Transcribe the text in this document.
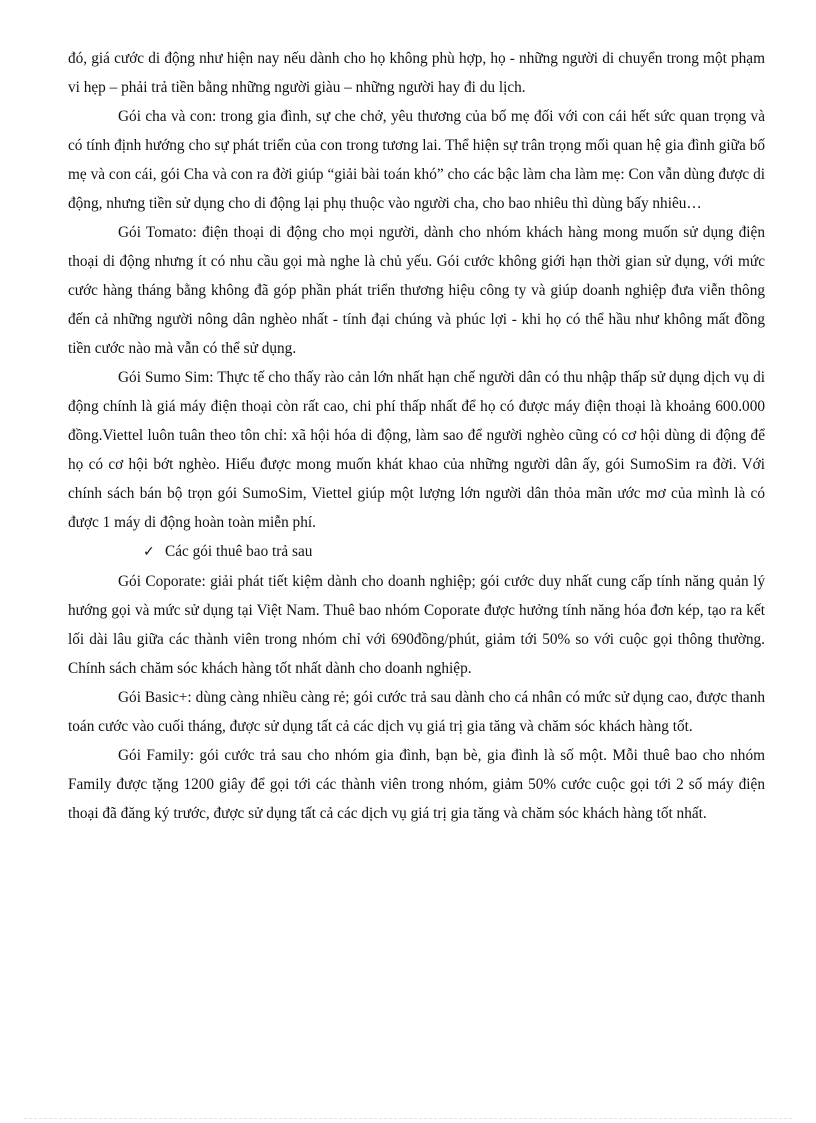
đó, giá cước di động như hiện nay nếu dành cho họ không phù hợp, họ - những người di chuyển trong một phạm vi hẹp – phải trả tiền bằng những người giàu – những người hay đi du lịch.

Gói cha và con: trong gia đình, sự che chở, yêu thương của bố mẹ đối với con cái hết sức quan trọng và có tính định hướng cho sự phát triển của con trong tương lai. Thể hiện sự trân trọng mối quan hệ gia đình giữa bố mẹ và con cái, gói Cha và con ra đời giúp “giải bài toán khó” cho các bậc làm cha làm mẹ: Con vẫn dùng được di động, nhưng tiền sử dụng cho di động lại phụ thuộc vào người cha, cho bao nhiêu thì dùng bấy nhiêu…

Gói Tomato: điện thoại di động cho mọi người, dành cho nhóm khách hàng mong muốn sử dụng điện thoại di động nhưng ít có nhu cầu gọi mà nghe là chủ yếu. Gói cước không giới hạn thời gian sử dụng, với mức cước hàng tháng bằng không đã góp phần phát triển thương hiệu công ty và giúp doanh nghiệp đưa viễn thông đến cả những người nông dân nghèo nhất - tính đại chúng và phúc lợi - khi họ có thể hầu như không mất đồng tiền cước nào mà vẫn có thể sử dụng.

Gói Sumo Sim: Thực tế cho thấy rào cản lớn nhất hạn chế người dân có thu nhập thấp sử dụng dịch vụ di động chính là giá máy điện thoại còn rất cao, chi phí thấp nhất để họ có được máy điện thoại là khoảng 600.000 đồng.Viettel luôn tuân theo tôn chỉ: xã hội hóa di động, làm sao để người nghèo cũng có cơ hội dùng di động để họ có cơ hội bớt nghèo. Hiểu được mong muốn khát khao của những người dân ấy, gói SumoSim ra đời. Với chính sách bán bộ trọn gói SumoSim, Viettel giúp một lượng lớn người dân thỏa mãn ước mơ của mình là có được 1 máy di động hoàn toàn miễn phí.

✓ Các gói thuê bao trả sau

Gói Coporate: giải phát tiết kiệm dành cho doanh nghiệp; gói cước duy nhất cung cấp tính năng quản lý hướng gọi và mức sử dụng tại Việt Nam. Thuê bao nhóm Coporate được hưởng tính năng hóa đơn kép, tạo ra kết lối dài lâu giữa các thành viên trong nhóm chỉ với 690đồng/phút, giảm tới 50% so với cuộc gọi thông thường. Chính sách chăm sóc khách hàng tốt nhất dành cho doanh nghiệp.

Gói Basic+: dùng càng nhiều càng rẻ; gói cước trả sau dành cho cá nhân có mức sử dụng cao, được thanh toán cước vào cuối tháng, được sử dụng tất cả các dịch vụ giá trị gia tăng và chăm sóc khách hàng tốt.

Gói Family: gói cước trả sau cho nhóm gia đình, bạn bè, gia đình là số một. Mỗi thuê bao cho nhóm Family được tặng 1200 giây để gọi tới các thành viên trong nhóm, giảm 50% cước cuộc gọi tới 2 số máy điện thoại đã đăng ký trước, được sử dụng tất cả các dịch vụ giá trị gia tăng và chăm sóc khách hàng tốt nhất.
